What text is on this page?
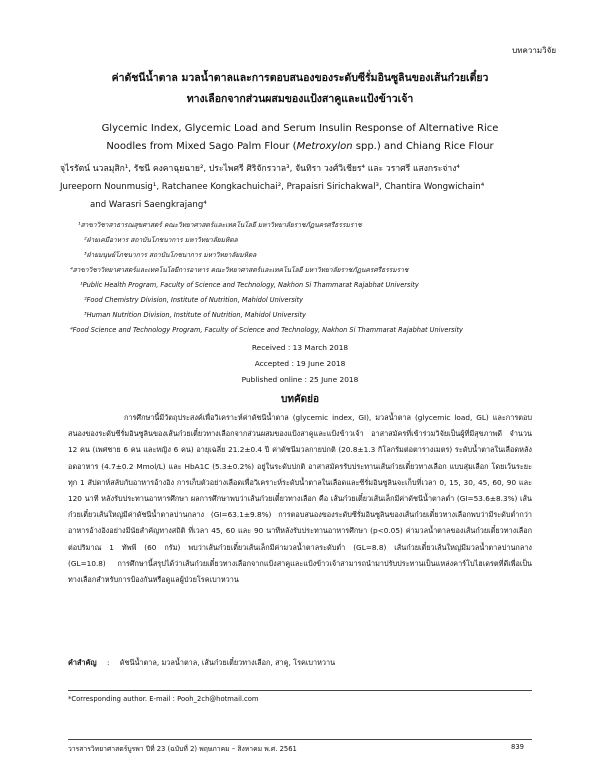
บทความวิจัย
ค่าดัชนีน้ำตาล มวลน้ำตาลและการตอบสนองของระดับซีรั่มอินซูลินของเส้นก๋วยเตี๋ยว
ทางเลือกจากส่วนผสมของแป้งสาคูและแป้งข้าวเจ้า
Glycemic Index, Glycemic Load and Serum Insulin Response of Alternative Rice
Noodles from Mixed Sago Palm Flour (Metroxylon spp.) and Chiang Rice Flour
จุไรรัตน์ นวลมุสิก¹, รัชนี คงคาฉุยฉาย², ประไพศรี ศิริจักรวาล³, จันทิรา วงศ์วิเชียร⁴ และ วราศรี แสงกระจ่าง⁴
Jureeporn Nounmusig¹, Ratchanee Kongkachuichai², Prapaisri Sirichakwal³, Chantira Wongwichain⁴
and Warasri Saengkrajang⁴
¹สาขาวิชาสาธารณสุขศาสตร์ คณะวิทยาศาสตร์และเทคโนโลยี มหาวิทยาลัยราชภัฏนครศรีธรรมราช
²ฝ่ายเคมีอาหาร สถาบันโภชนาการ มหาวิทยาลัยมหิดล
³ฝ่ายมนุษย์โภชนาการ สถาบันโภชนาการ มหาวิทยาลัยมหิดล
⁴สาขาวิชาวิทยาศาสตร์และเทคโนโลยีการอาหาร คณะวิทยาศาสตร์และเทคโนโลยี มหาวิทยาลัยราชภัฏนครศรีธรรมราช
¹Public Health Program, Faculty of Science and Technology, Nakhon Si Thammarat Rajabhat University
²Food Chemistry Division, Institute of Nutrition, Mahidol University
³Human Nutrition Division, Institute of Nutrition, Mahidol University
⁴Food Science and Technology Program, Faculty of Science and Technology, Nakhon Si Thammarat Rajabhat University
Received : 13 March 2018
Accepted : 19 June 2018
Published online : 25 June 2018
บทคัดย่อ
การศึกษานี้มีวัตถุประสงค์เพื่อวิเคราะห์ค่าดัชนีน้ำตาล (glycemic index, GI), มวลน้ำตาล (glycemic load, GL) และการตอบสนองของระดับซีรั่มอินซูลินของเส้นก๋วยเตี๋ยวทางเลือกจากส่วนผสมของแป้งสาคูและแป้งข้าวเจ้า อาสาสมัครที่เข้าร่วมวิจัยเป็นผู้ที่มีสุขภาพดี จำนวน 12 คน (เพศชาย 6 คน และหญิง 6 คน) อายุเฉลี่ย 21.2±0.4 ปี ค่าดัชนีมวลกายปกติ (20.8±1.3 กิโลกรัมต่อตารางเมตร) ระดับน้ำตาลในเลือดหลังอดอาหาร (4.7±0.2 Mmol/L) และ HbA1C (5.3±0.2%) อยู่ในระดับปกติ อาสาสมัครรับประทานเส้นก๋วยเตี๋ยวทางเลือก แบบสุ่มเลือก โดยเว้นระยะทุก 1 สัปดาห์สลับกับอาหารอ้างอิง การเก็บตัวอย่างเลือดเพื่อวิเคราะห์ระดับน้ำตาลในเลือดและซีรั่มอินซูลินจะเก็บที่เวลา 0, 15, 30, 45, 60, 90 และ 120 นาที หลังรับประทานอาหารศึกษา ผลการศึกษาพบว่าเส้นก๋วยเตี๋ยวทางเลือก คือ เส้นก๋วยเตี๋ยวเส้นเล็กมีค่าดัชนีน้ำตาลต่ำ (GI=53.6±8.3%) เส้นก๋วยเตี๋ยวเส้นใหญ่มีค่าดัชนีน้ำตาลปานกลาง (GI=63.1±9.8%) การตอบสนองของระดับซีรั่มอินซูลินของเส้นก๋วยเตี๋ยวทางเลือกพบว่ามีระดับต่ำกว่าอาหารอ้างอิงอย่างมีนัยสำคัญทางสถิติ ที่เวลา 45, 60 และ 90 นาทีหลังรับประทานอาหารศึกษา (p<0.05) ค่ามวลน้ำตาลของเส้นก๋วยเตี๋ยวทางเลือกต่อปริมาณ 1 ทัพพี (60 กรัม) พบว่าเส้นก๋วยเตี๋ยวเส้นเล็กมีค่ามวลน้ำตาลระดับต่ำ (GL=8.8) เส้นก๋วยเตี๋ยวเส้นใหญ่มีมวลน้ำตาลปานกลาง (GL=10.8) การศึกษานี้สรุปได้ว่าเส้นก๋วยเตี๋ยวทางเลือกจากแป้งสาคูและแป้งข้าวเจ้าสามารถนำมาปรับประทานเป็นแหล่งคาร์โบไฮเดรตที่ดีเพื่อเป็นทางเลือกสำหรับการป้องกันหรือดูแลผู้ป่วยโรคเบาหวาน
คำสำคัญ : ดัชนีน้ำตาล, มวลน้ำตาล, เส้นก๋วยเตี๋ยวทางเลือก, สาคู, โรคเบาหวาน
*Corresponding author. E-mail : Pooh_2ch@hotmail.com
วารสารวิทยาศาสตร์บูรพา ปีที่ 23 (ฉบับที่ 2) พฤษภาคม – สิงหาคม พ.ศ. 2561	839
